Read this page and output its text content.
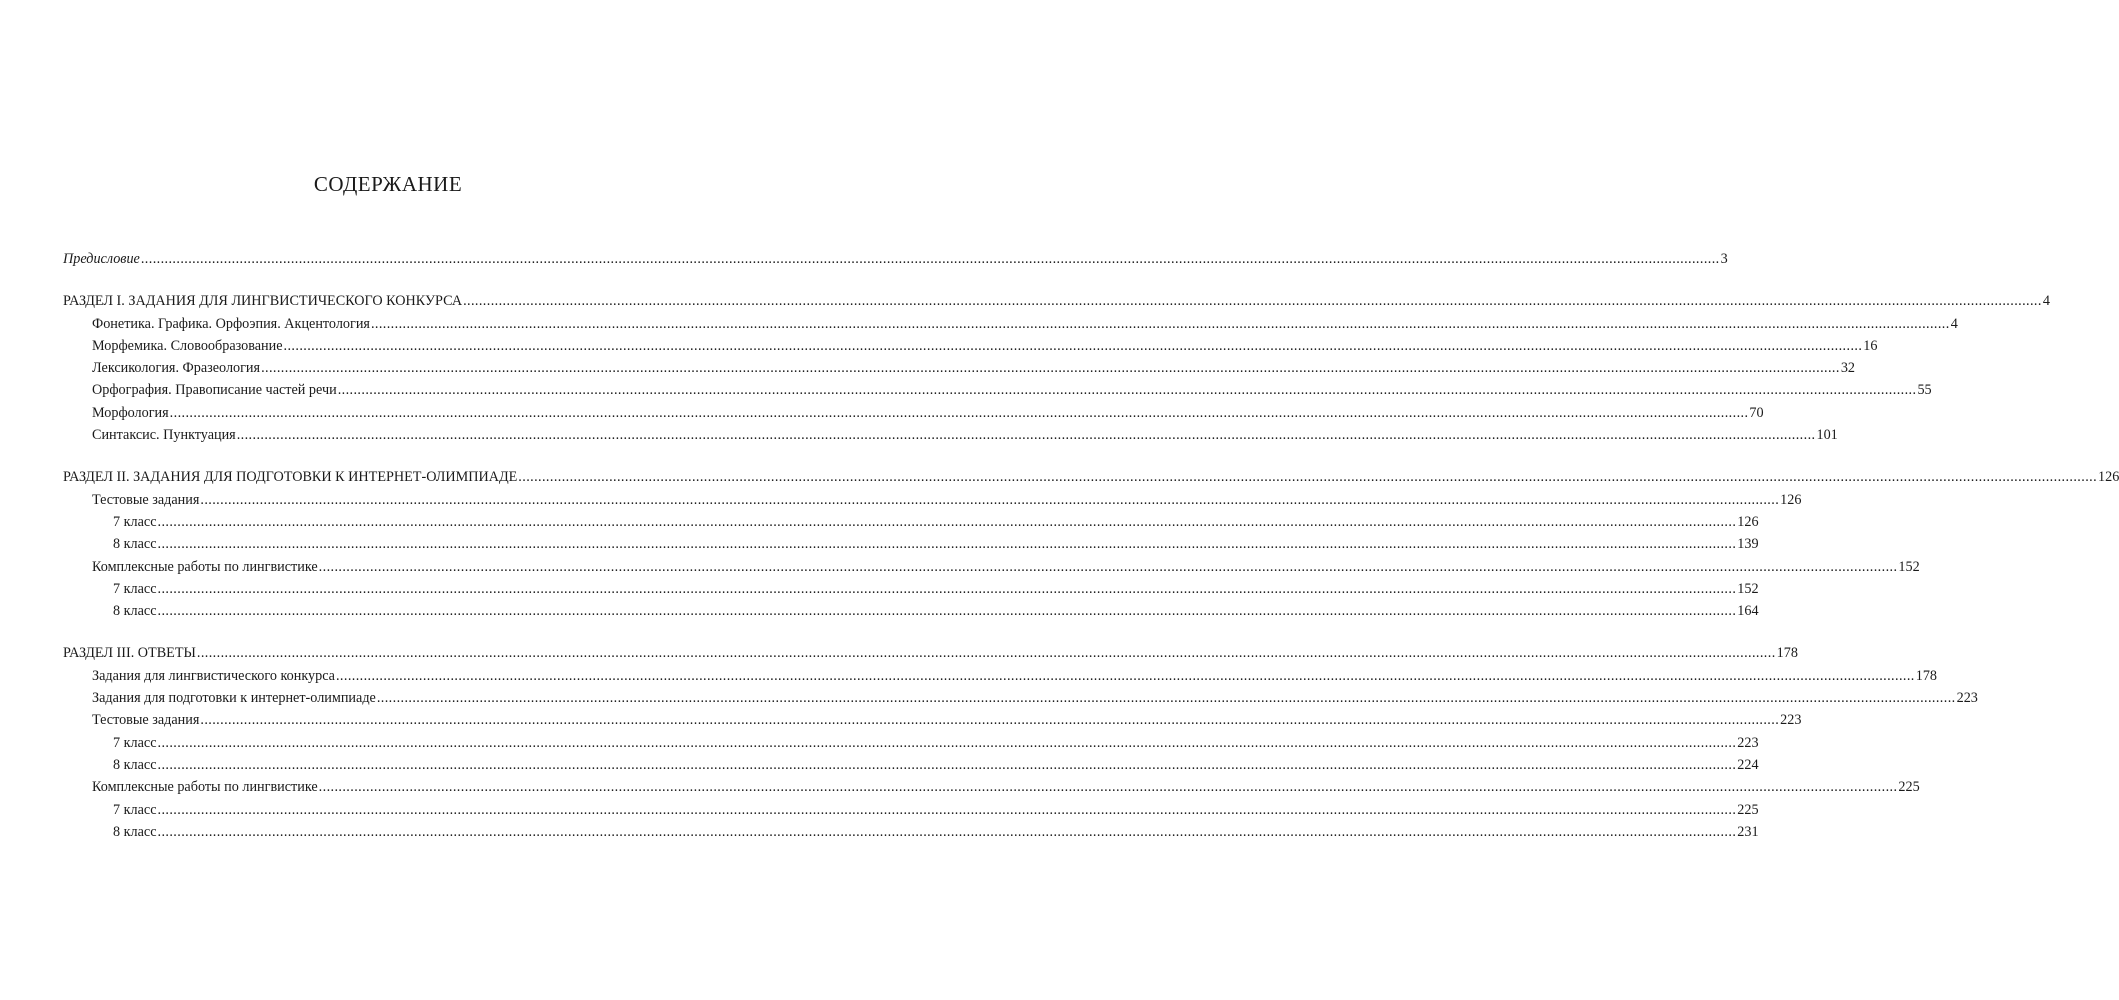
СОДЕРЖАНИЕ
Предисловие ................................................................................................................................................................................................................................................................................................................................................................................................................ 3
РАЗДЕЛ I. ЗАДАНИЯ ДЛЯ ЛИНГВИСТИЧЕСКОГО КОНКУРСА ................................................................................................................................................................................................................................................................................................................................................................................................................ 4
Фонетика. Графика. Орфоэпия. Акцентология ................................................................................................................................................................................................................................................................................................................................................................................................................ 4
Морфемика. Словообразование ................................................................................................................................................................................................................................................................................................................................................................................................................ 16
Лексикология. Фразеология ................................................................................................................................................................................................................................................................................................................................................................................................................ 32
Орфография. Правописание частей речи ................................................................................................................................................................................................................................................................................................................................................................................................................ 55
Морфология ................................................................................................................................................................................................................................................................................................................................................................................................................ 70
Синтаксис. Пунктуация ................................................................................................................................................................................................................................................................................................................................................................................................................ 101
РАЗДЕЛ II. ЗАДАНИЯ ДЛЯ ПОДГОТОВКИ К ИНТЕРНЕТ-ОЛИМПИАДЕ ................................................................................................................................................................................................................................................................................................................................................................................................................ 126
Тестовые задания ................................................................................................................................................................................................................................................................................................................................................................................................................ 126
7 класс ................................................................................................................................................................................................................................................................................................................................................................................................................ 126
8 класс ................................................................................................................................................................................................................................................................................................................................................................................................................ 139
Комплексные работы по лингвистике ................................................................................................................................................................................................................................................................................................................................................................................................................ 152
7 класс ................................................................................................................................................................................................................................................................................................................................................................................................................ 152
8 класс ................................................................................................................................................................................................................................................................................................................................................................................................................ 164
РАЗДЕЛ III. ОТВЕТЫ ................................................................................................................................................................................................................................................................................................................................................................................................................ 178
Задания для лингвистического конкурса ................................................................................................................................................................................................................................................................................................................................................................................................................ 178
Задания для подготовки к интернет-олимпиаде ................................................................................................................................................................................................................................................................................................................................................................................................................ 223
Тестовые задания ................................................................................................................................................................................................................................................................................................................................................................................................................ 223
7 класс ................................................................................................................................................................................................................................................................................................................................................................................................................ 223
8 класс ................................................................................................................................................................................................................................................................................................................................................................................................................ 224
Комплексные работы по лингвистике ................................................................................................................................................................................................................................................................................................................................................................................................................ 225
7 класс ................................................................................................................................................................................................................................................................................................................................................................................................................ 225
8 класс ................................................................................................................................................................................................................................................................................................................................................................................................................ 231
